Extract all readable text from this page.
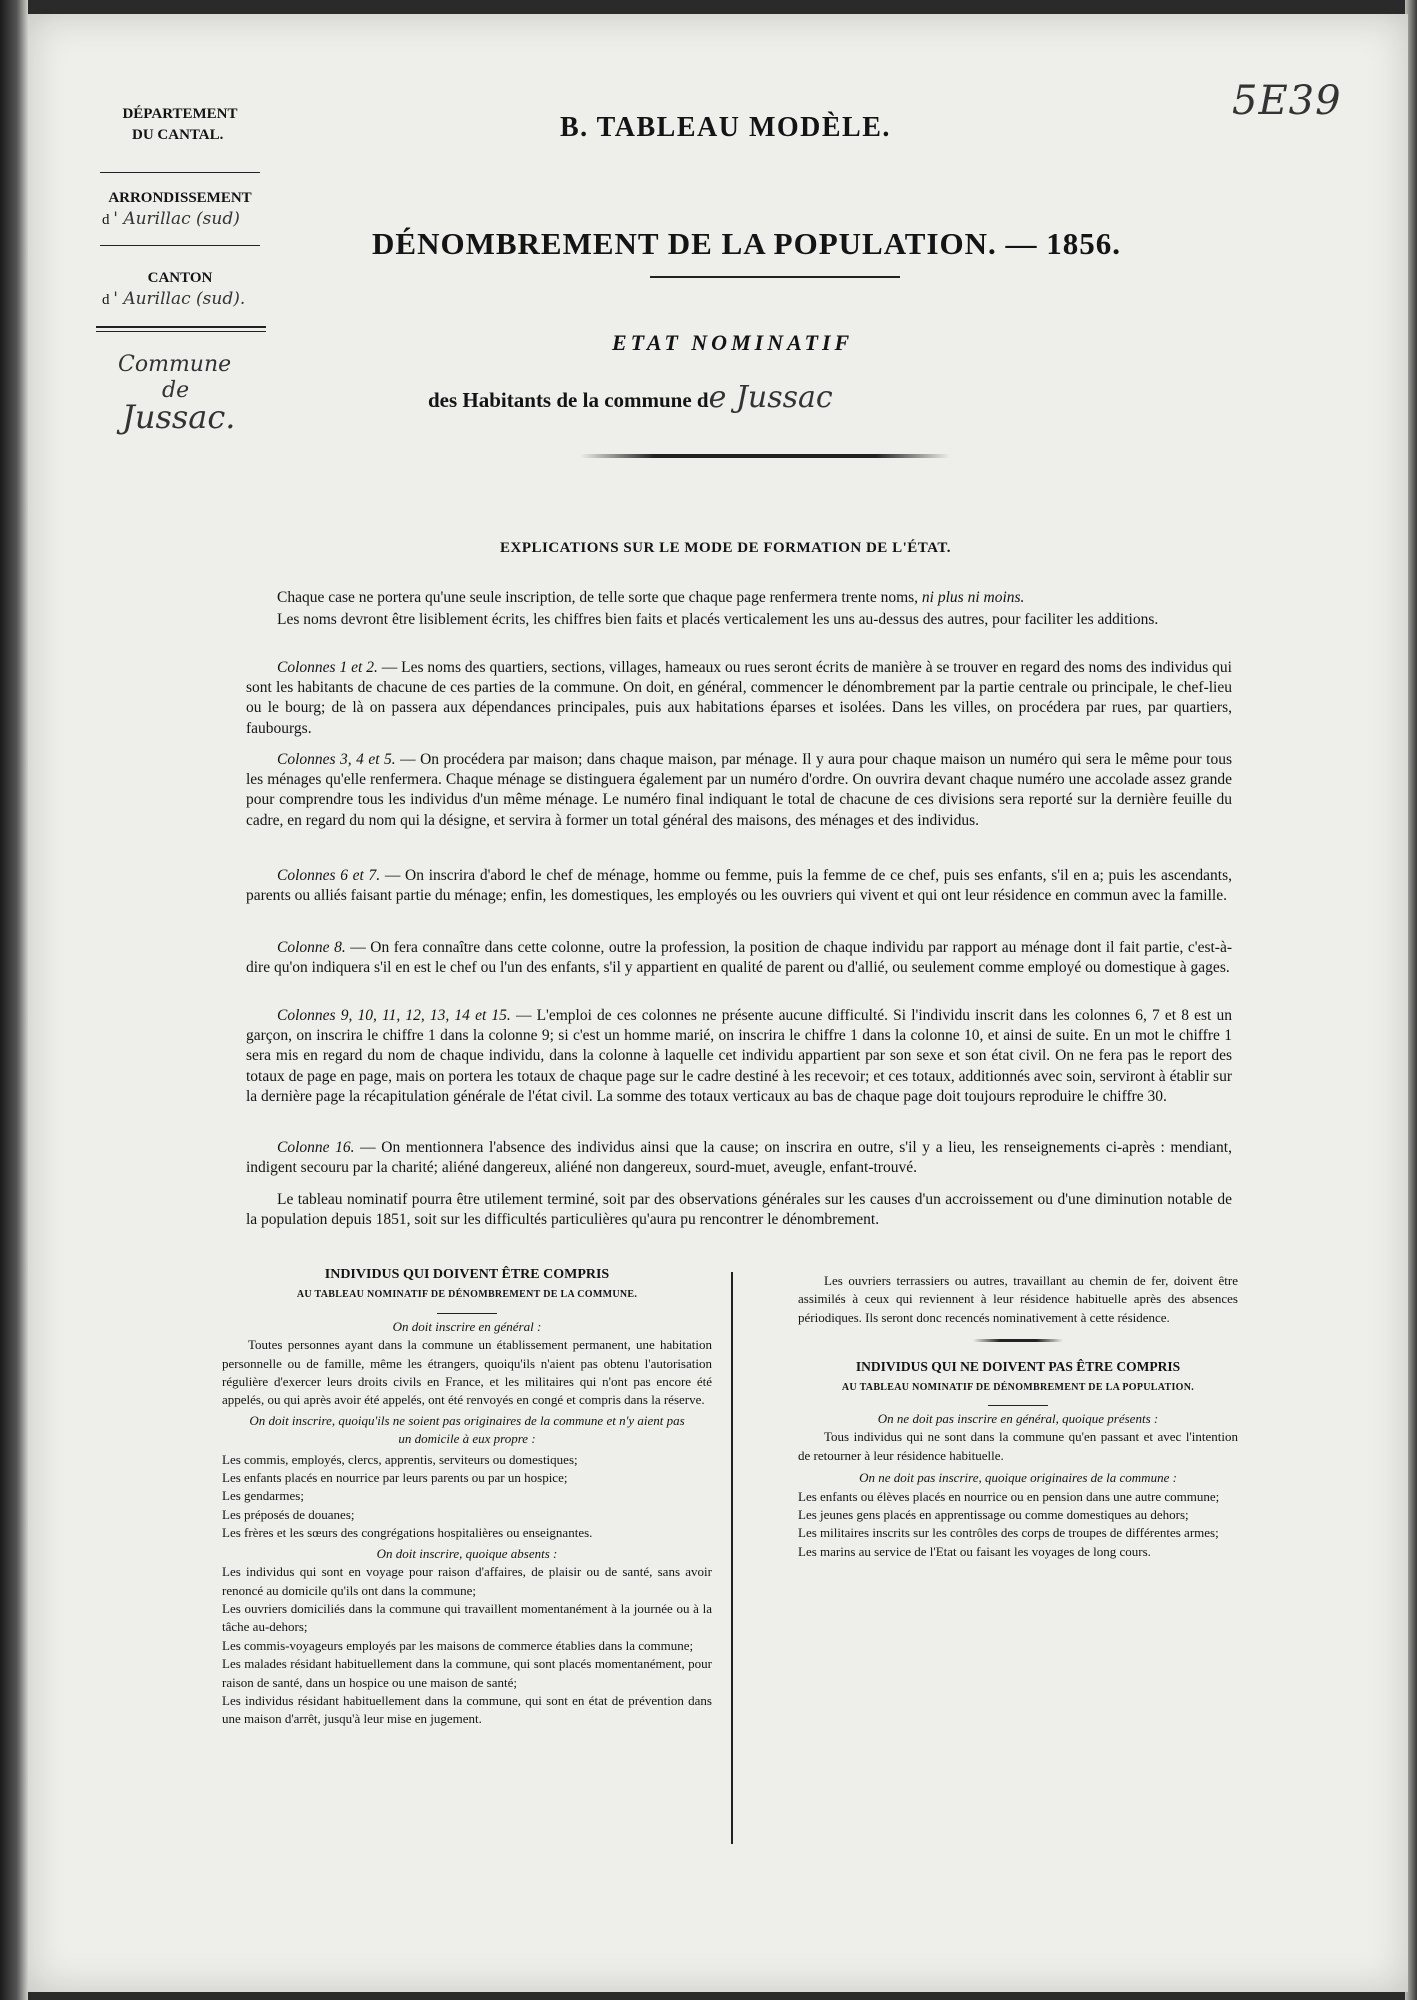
5E39
DÉPARTEMENT
DU CANTAL.
ARRONDISSEMENT
d ' Aurillac (sud)
CANTON
d ' Aurillac (sud).
Commune
de
Jussac.
B. TABLEAU MODÈLE.
DÉNOMBREMENT DE LA POPULATION. — 1856.
ETAT NOMINATIF
des Habitants de la commune de Jussac
EXPLICATIONS SUR LE MODE DE FORMATION DE L'ÉTAT.
Chaque case ne portera qu'une seule inscription, de telle sorte que chaque page renfermera trente noms, ni plus ni moins.
Les noms devront être lisiblement écrits, les chiffres bien faits et placés verticalement les uns au-dessus des autres, pour faciliter les additions.
Colonnes 1 et 2. — Les noms des quartiers, sections, villages, hameaux ou rues seront écrits de manière à se trouver en regard des noms des individus qui sont les habitants de chacune de ces parties de la commune. On doit, en général, commencer le dénombrement par la partie centrale ou principale, le chef-lieu ou le bourg; de là on passera aux dépendances principales, puis aux habitations éparses et isolées. Dans les villes, on procédera par rues, par quartiers, faubourgs.
Colonnes 3, 4 et 5. — On procédera par maison; dans chaque maison, par ménage. Il y aura pour chaque maison un numéro qui sera le même pour tous les ménages qu'elle renfermera. Chaque ménage se distinguera également par un numéro d'ordre. On ouvrira devant chaque numéro une accolade assez grande pour comprendre tous les individus d'un même ménage. Le numéro final indiquant le total de chacune de ces divisions sera reporté sur la dernière feuille du cadre, en regard du nom qui la désigne, et servira à former un total général des maisons, des ménages et des individus.
Colonnes 6 et 7. — On inscrira d'abord le chef de ménage, homme ou femme, puis la femme de ce chef, puis ses enfants, s'il en a; puis les ascendants, parents ou alliés faisant partie du ménage; enfin, les domestiques, les employés ou les ouvriers qui vivent et qui ont leur résidence en commun avec la famille.
Colonne 8. — On fera connaître dans cette colonne, outre la profession, la position de chaque individu par rapport au ménage dont il fait partie, c'est-à-dire qu'on indiquera s'il en est le chef ou l'un des enfants, s'il y appartient en qualité de parent ou d'allié, ou seulement comme employé ou domestique à gages.
Colonnes 9, 10, 11, 12, 13, 14 et 15. — L'emploi de ces colonnes ne présente aucune difficulté. Si l'individu inscrit dans les colonnes 6, 7 et 8 est un garçon, on inscrira le chiffre 1 dans la colonne 9; si c'est un homme marié, on inscrira le chiffre 1 dans la colonne 10, et ainsi de suite. En un mot le chiffre 1 sera mis en regard du nom de chaque individu, dans la colonne à laquelle cet individu appartient par son sexe et son état civil. On ne fera pas le report des totaux de page en page, mais on portera les totaux de chaque page sur le cadre destiné à les recevoir; et ces totaux, additionnés avec soin, serviront à établir sur la dernière page la récapitulation générale de l'état civil. La somme des totaux verticaux au bas de chaque page doit toujours reproduire le chiffre 30.
Colonne 16. — On mentionnera l'absence des individus ainsi que la cause; on inscrira en outre, s'il y a lieu, les renseignements ci-après : mendiant, indigent secouru par la charité; aliéné dangereux, aliéné non dangereux, sourd-muet, aveugle, enfant-trouvé.
Le tableau nominatif pourra être utilement terminé, soit par des observations générales sur les causes d'un accroissement ou d'une diminution notable de la population depuis 1851, soit sur les difficultés particulières qu'aura pu rencontrer le dénombrement.
INDIVIDUS QUI DOIVENT ÊTRE COMPRIS
AU TABLEAU NOMINATIF DE DÉNOMBREMENT DE LA COMMUNE.
On doit inscrire en général :
Toutes personnes ayant dans la commune un établissement permanent, une habitation personnelle ou de famille, même les étrangers, quoiqu'ils n'aient pas obtenu l'autorisation régulière d'exercer leurs droits civils en France, et les militaires qui n'ont pas encore été appelés, ou qui après avoir été appelés, ont été renvoyés en congé et compris dans la réserve.
On doit inscrire, quoiqu'ils ne soient pas originaires de la commune et n'y aient pas un domicile à eux propre :
Les commis, employés, clercs, apprentis, serviteurs ou domestiques;
Les enfants placés en nourrice par leurs parents ou par un hospice;
Les gendarmes;
Les préposés de douanes;
Les frères et les sœurs des congrégations hospitalières ou enseignantes.
On doit inscrire, quoique absents :
Les individus qui sont en voyage pour raison d'affaires, de plaisir ou de santé, sans avoir renoncé au domicile qu'ils ont dans la commune;
Les ouvriers domiciliés dans la commune qui travaillent momentanément à la journée ou à la tâche au-dehors;
Les commis-voyageurs employés par les maisons de commerce établies dans la commune;
Les malades résidant habituellement dans la commune, qui sont placés momentanément, pour raison de santé, dans un hospice ou une maison de santé;
Les individus résidant habituellement dans la commune, qui sont en état de prévention dans une maison d'arrêt, jusqu'à leur mise en jugement.
Les ouvriers terrassiers ou autres, travaillant au chemin de fer, doivent être assimilés à ceux qui reviennent à leur résidence habituelle après des absences périodiques. Ils seront donc recencés nominativement à cette résidence.
INDIVIDUS QUI NE DOIVENT PAS ÊTRE COMPRIS
AU TABLEAU NOMINATIF DE DÉNOMBREMENT DE LA POPULATION.
On ne doit pas inscrire en général, quoique présents :
Tous individus qui ne sont dans la commune qu'en passant et avec l'intention de retourner à leur résidence habituelle.
On ne doit pas inscrire, quoique originaires de la commune :
Les enfants ou élèves placés en nourrice ou en pension dans une autre commune;
Les jeunes gens placés en apprentissage ou comme domestiques au dehors;
Les militaires inscrits sur les contrôles des corps de troupes de différentes armes;
Les marins au service de l'Etat ou faisant les voyages de long cours.
